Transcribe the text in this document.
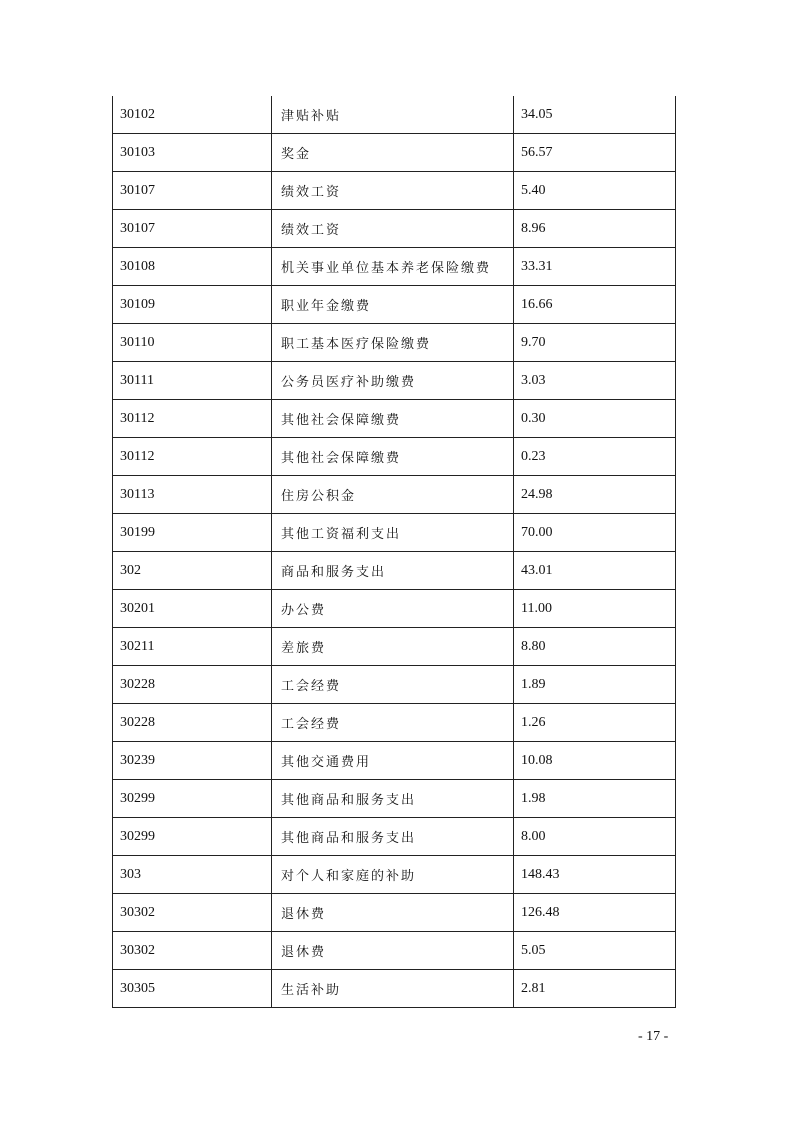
30102	津贴补贴	34.05
30103	奖金	56.57
30107	绩效工资	5.40
30107	绩效工资	8.96
30108	机关事业单位基本养老保险缴费	33.31
30109	职业年金缴费	16.66
30110	职工基本医疗保险缴费	9.70
30111	公务员医疗补助缴费	3.03
30112	其他社会保障缴费	0.30
30112	其他社会保障缴费	0.23
30113	住房公积金	24.98
30199	其他工资福利支出	70.00
302	商品和服务支出	43.01
30201	办公费	11.00
30211	差旅费	8.80
30228	工会经费	1.89
30228	工会经费	1.26
30239	其他交通费用	10.08
30299	其他商品和服务支出	1.98
30299	其他商品和服务支出	8.00
303	对个人和家庭的补助	148.43
30302	退休费	126.48
30302	退休费	5.05
30305	生活补助	2.81
- 17 -
